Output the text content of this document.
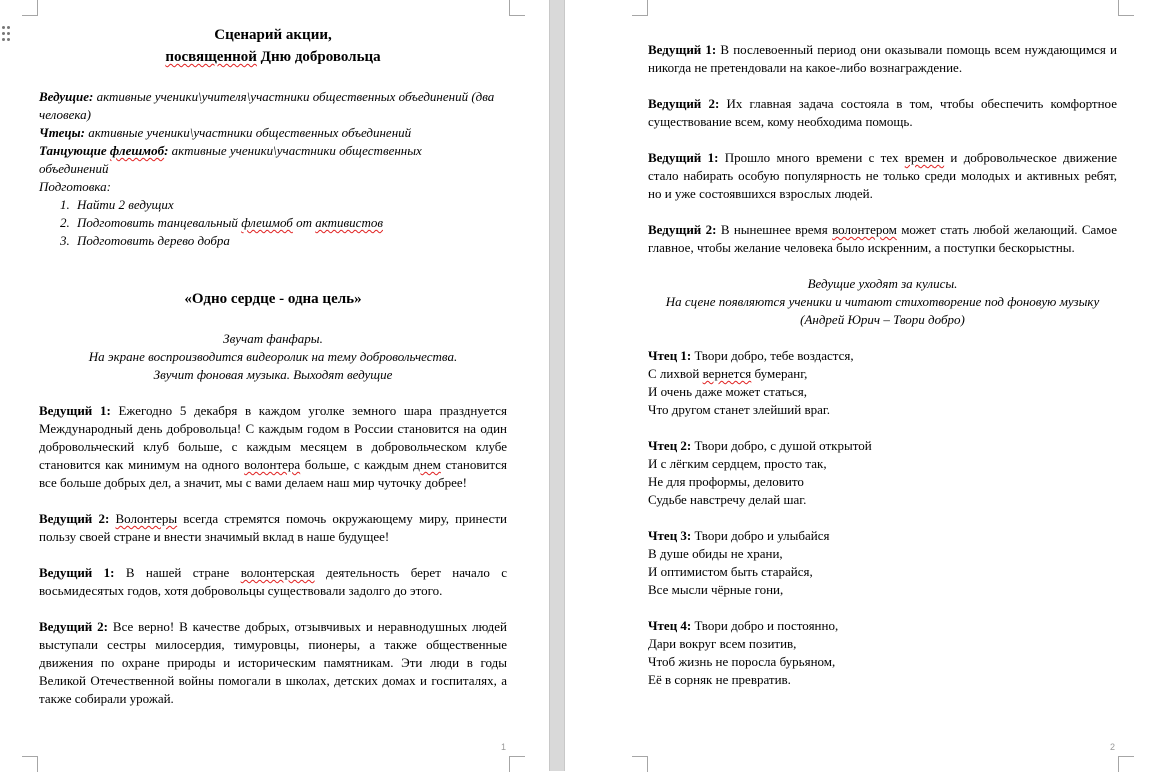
Сценарий акции,
посвященной Дню добровольца

Ведущие: активные ученики\учителя\участники общественных объединений (два человека)

Чтецы: активные ученики\участники общественных объединений

Танцующие флешмоб: активные ученики\участники общественных объединений

Подготовка:

1. Найти 2 ведущих
2. Подготовить танцевальный флешмоб от активистов
3. Подготовить дерево добра
«Одно сердце - одна цель»

Звучат фанфары.

На экране воспроизводится видеоролик на тему добровольчества.

Звучит фоновая музыка. Выходят ведущие

Ведущий 1: Ежегодно 5 декабря в каждом уголке земного шара празднуется Международный день добровольца! С каждым годом в России становится на один добровольческий клуб больше, с каждым месяцем в добровольческом клубе становится как минимум на одного волонтера больше, с каждым днем становится все больше добрых дел, а значит, мы с вами делаем наш мир чуточку добрее!

Ведущий 2: Волонтеры всегда стремятся помочь окружающему миру, принести пользу своей стране и внести значимый вклад в наше будущее!

Ведущий 1: В нашей стране волонтерская деятельность берет начало с восьмидесятых годов, хотя добровольцы существовали задолго до этого.

Ведущий 2: Все верно! В качестве добрых, отзывчивых и неравнодушных людей выступали сестры милосердия, тимуровцы, пионеры, а также общественные движения по охране природы и историческим памятникам. Эти люди в годы Великой Отечественной войны помогали в школах, детских домах и госпиталях, а также собирали урожай.

1

Ведущий 1: В послевоенный период они оказывали помощь всем нуждающимся и никогда не претендовали на какое-либо вознаграждение.

Ведущий 2: Их главная задача состояла в том, чтобы обеспечить комфортное существование всем, кому необходима помощь.

Ведущий 1: Прошло много времени с тех времен и добровольческое движение стало набирать особую популярность не только среди молодых и активных ребят, но и уже состоявшихся взрослых людей.

Ведущий 2: В нынешнее время волонтером может стать любой желающий. Самое главное, чтобы желание человека было искренним, а поступки бескорыстны.

Ведущие уходят за кулисы.

На сцене появляются ученики и читают стихотворение под фоновую музыку

(Андрей Юрич – Твори добро)

Чтец 1: Твори добро, тебе воздастся,

С лихвой вернется бумеранг,

И очень даже может статься,

Что другом станет злейший враг.

Чтец 2: Твори добро, с душой открытой

И с лёгким сердцем, просто так,

Не для проформы, деловито

Судьбе навстречу делай шаг.

Чтец 3: Твори добро и улыбайся

В душе обиды не храни,

И оптимистом быть старайся,

Все мысли чёрные гони,

Чтец 4: Твори добро и постоянно,

Дари вокруг всем позитив,

Чтоб жизнь не поросла бурьяном,

Её в сорняк не превратив.

2
